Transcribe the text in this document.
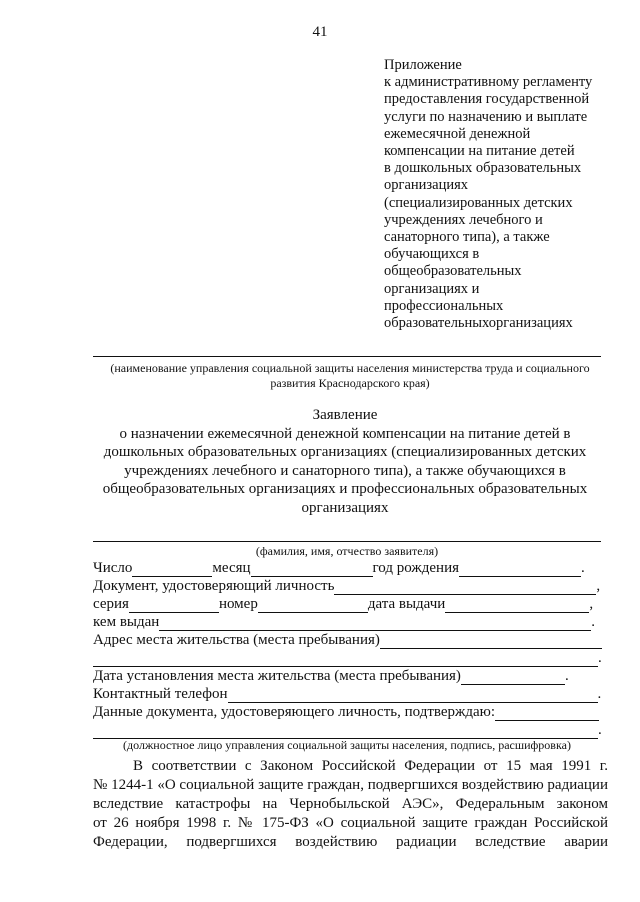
41
Приложение
к административному регламенту
предоставления государственной
услуги по назначению и выплате
ежемесячной денежной
компенсации на питание детей
в дошкольных образовательных
организациях
(специализированных детских
учреждениях лечебного и
санаторного типа), а также
обучающихся в
общеобразовательных
организациях и
профессиональных
образовательныхорганизациях
(наименование управления социальной защиты населения министерства труда и социального
развития Краснодарского края)
Заявление
о назначении ежемесячной денежной компенсации на питание детей в
дошкольных образовательных организациях (специализированных детских
учреждениях лечебного и санаторного типа), а также обучающихся в
общеобразовательных организациях и профессиональных образовательных
организациях
(фамилия, имя, отчество заявителя)
Число	месяц	год рождения	.
Документ, удостоверяющий личность	,
серия	номер	дата выдачи	,
кем выдан	.
Адрес места жительства (места пребывания)
.
Дата установления места жительства (места пребывания)	.
Контактный телефон	.
Данные документа, удостоверяющего личность, подтверждаю:
.
(должностное лицо управления социальной защиты населения, подпись, расшифровка)
В соответствии с Законом Российской Федерации от 15 мая 1991 г.
№ 1244-1 «О социальной защите граждан, подвергшихся воздействию радиации
вследствие катастрофы на Чернобыльской АЭС», Федеральным законом
от 26 ноября 1998 г. № 175-ФЗ «О социальной защите граждан Российской
Федерации, подвергшихся воздействию радиации вследствие аварии
